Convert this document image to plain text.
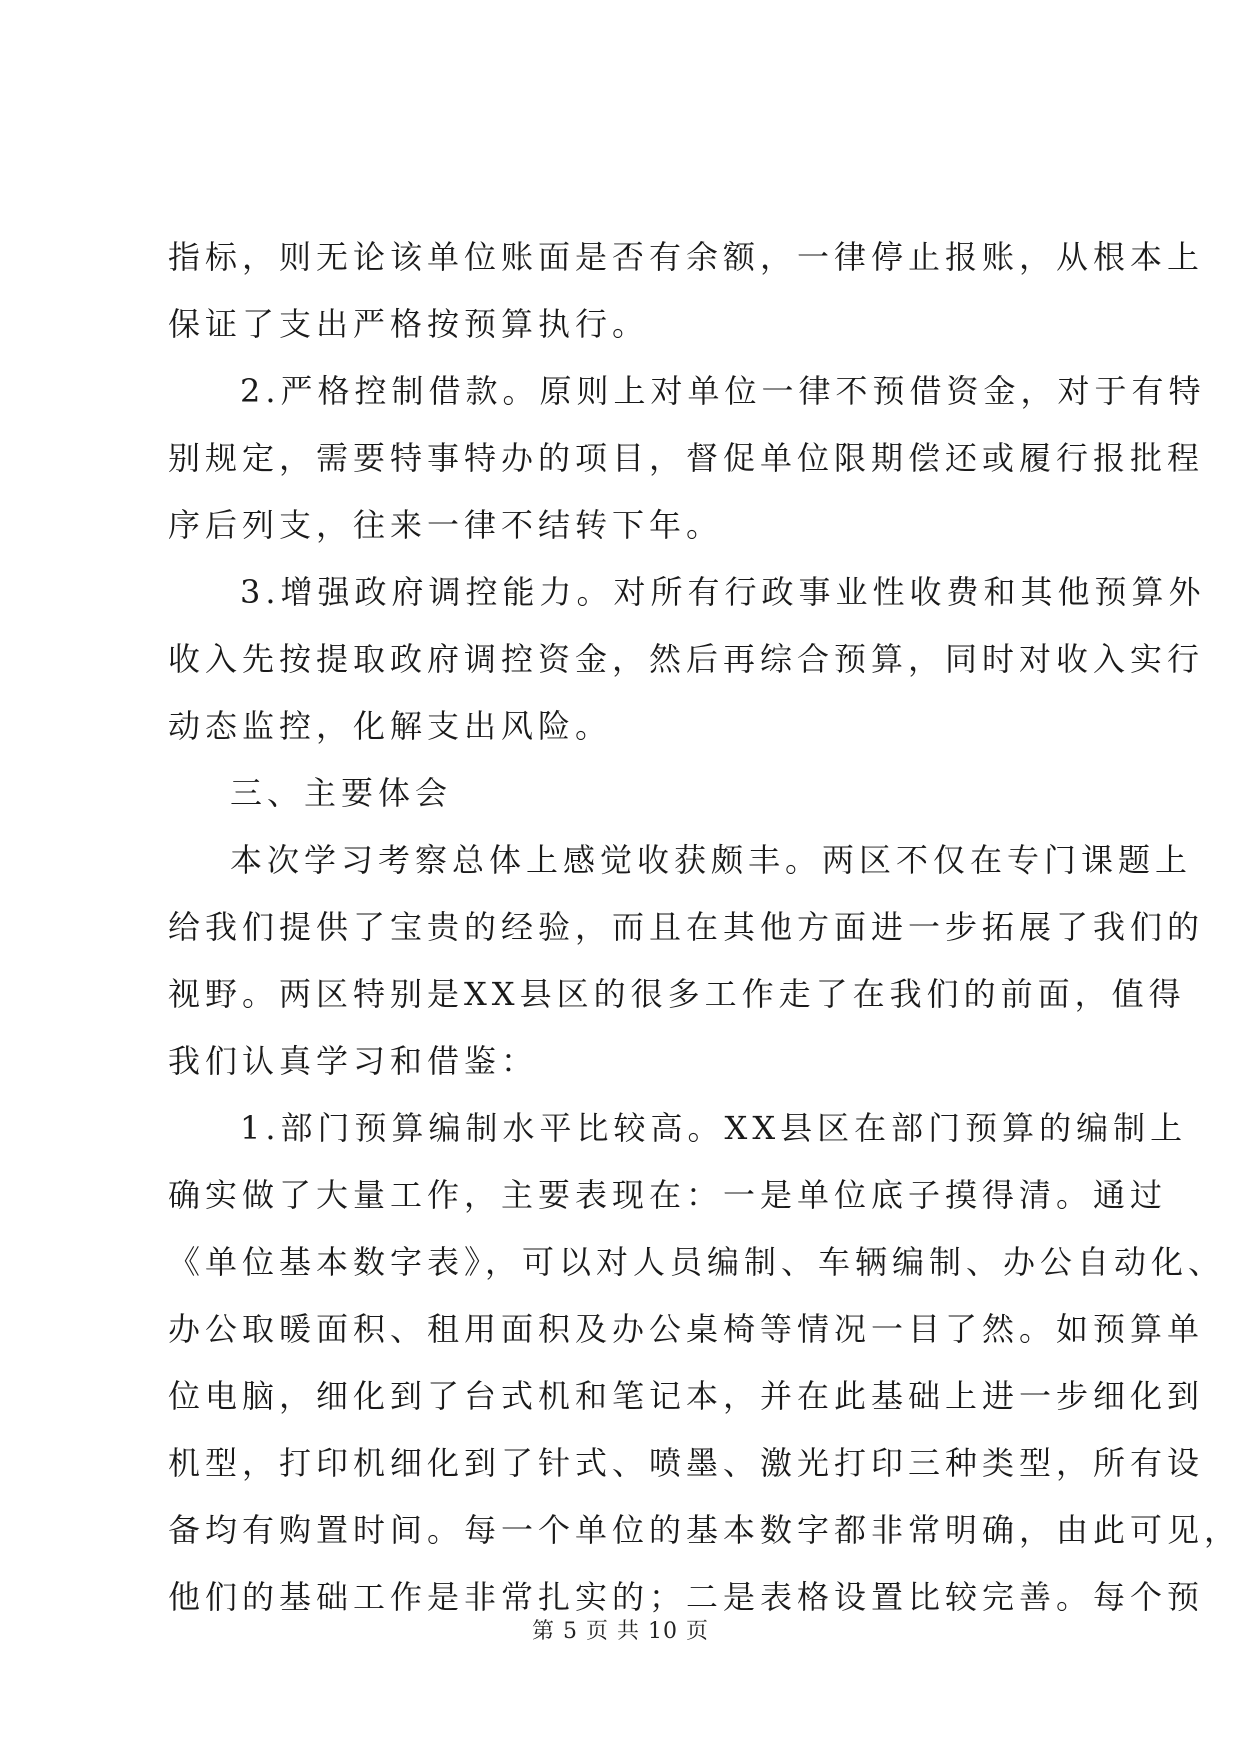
指标，则无论该单位账面是否有余额，一律停止报账，从根本上
保证了支出严格按预算执行。
2.严格控制借款。原则上对单位一律不预借资金，对于有特
别规定，需要特事特办的项目，督促单位限期偿还或履行报批程
序后列支，往来一律不结转下年。
3.增强政府调控能力。对所有行政事业性收费和其他预算外
收入先按提取政府调控资金，然后再综合预算，同时对收入实行
动态监控，化解支出风险。
三、主要体会
本次学习考察总体上感觉收获颇丰。两区不仅在专门课题上
给我们提供了宝贵的经验，而且在其他方面进一步拓展了我们的
视野。两区特别是XX县区的很多工作走了在我们的前面，值得
我们认真学习和借鉴：
1.部门预算编制水平比较高。XX县区在部门预算的编制上
确实做了大量工作，主要表现在：一是单位底子摸得清。通过
《单位基本数字表》，可以对人员编制、车辆编制、办公自动化、
办公取暖面积、租用面积及办公桌椅等情况一目了然。如预算单
位电脑，细化到了台式机和笔记本，并在此基础上进一步细化到
机型，打印机细化到了针式、喷墨、激光打印三种类型，所有设
备均有购置时间。每一个单位的基本数字都非常明确，由此可见，
他们的基础工作是非常扎实的；二是表格设置比较完善。每个预
第 5 页 共 10 页
